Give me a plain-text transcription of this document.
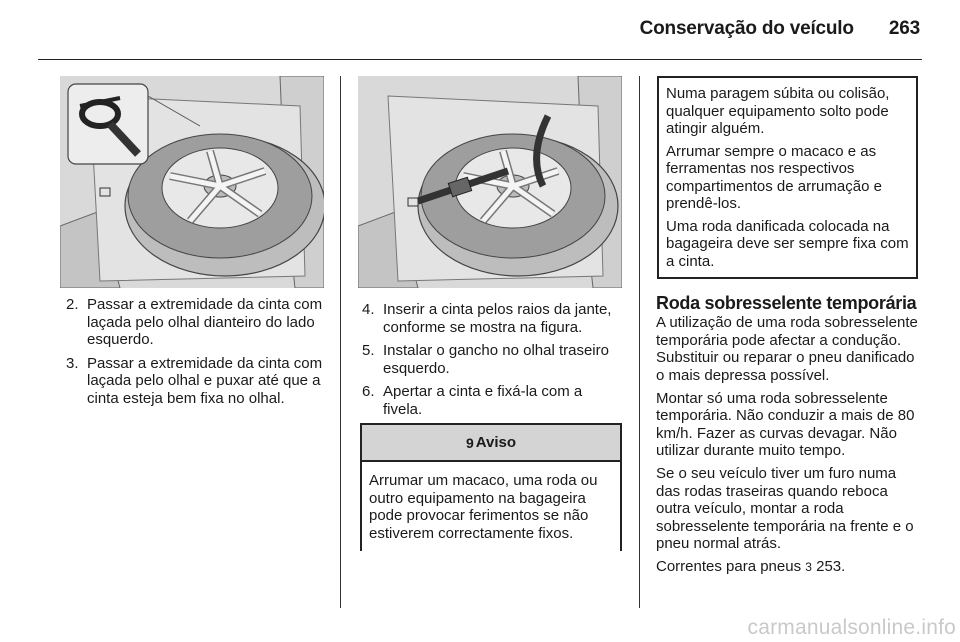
Conservação do veículo 263
2. Passar a extremidade da cinta com laçada pelo olhal dianteiro do lado esquerdo.
3. Passar a extremidade da cinta com laçada pelo olhal e puxar até que a cinta esteja bem fixa no olhal.
4. Inserir a cinta pelos raios da jante, conforme se mostra na figura.
5. Instalar o gancho no olhal traseiro esquerdo.
6. Apertar a cinta e fixá-la com a fivela.
9 Aviso
Arrumar um macaco, uma roda ou outro equipamento na bagageira pode provocar ferimentos se não estiverem correctamente fixos.

Numa paragem súbita ou colisão, qualquer equipamento solto pode atingir alguém.

Arrumar sempre o macaco e as ferramentas nos respectivos compartimentos de arrumação e prendê-los.

Uma roda danificada colocada na bagageira deve ser sempre fixa com a cinta.

Roda sobresselente temporária

A utilização de uma roda sobresselente temporária pode afectar a condução. Substituir ou reparar o pneu danificado o mais depressa possível.

Montar só uma roda sobresselente temporária. Não conduzir a mais de 80 km/h. Fazer as curvas devagar. Não utilizar durante muito tempo.

Se o seu veículo tiver um furo numa das rodas traseiras quando reboca outra veículo, montar a roda sobresselente temporária na frente e o pneu normal atrás.

Correntes para pneus 3 253.

carmanualsonline.info
